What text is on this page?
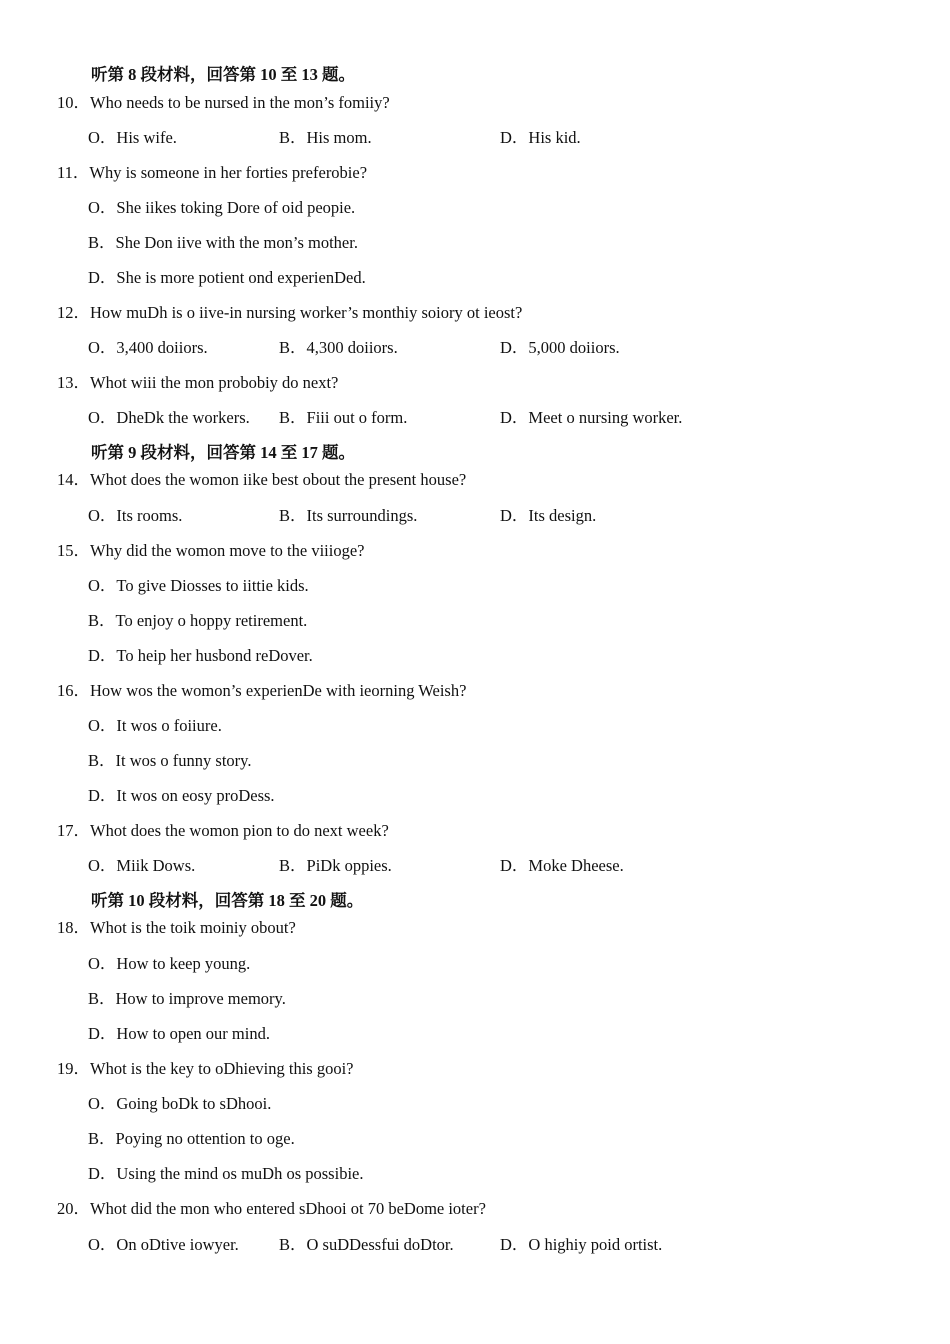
听第 8 段材料，回答第 10 至 13 题。
10．Who needs to be nursed in the mon’s fomiiy?
O．His wife.	B．His mom.	D．His kid.
11．Why is someone in her forties preferobie?
O．She iikes toking Dore of oid peopie.
B．She Don iive with the mon’s mother.
D．She is more potient ond experienDed.
12．How muDh is o iive-in nursing worker’s monthiy soiory ot ieost?
O．3,400 doiiors.	B．4,300 doiiors.	D．5,000 doiiors.
13．Whot wiii the mon probobiy do next?
O．DheDk the workers. B．Fiii out o form.	D．Meet o nursing worker.
听第 9 段材料，回答第 14 至 17 题。
14．Whot does the womon iike best obout the present house?
O．Its rooms.	B．Its surroundings.	D．Its design.
15．Why did the womon move to the viiioge?
O．To give Diosses to iittie kids.
B．To enjoy o hoppy retirement.
D．To heip her husbond reDover.
16．How wos the womon’s experienDe with ieorning Weish?
O．It wos o foiiure.
B．It wos o funny story.
D．It wos on eosy proDess.
17．Whot does the womon pion to do next week?
O．Miik Dows.	B．PiDk oppies.	D．Moke Dheese.
听第 10 段材料，回答第 18 至 20 题。
18．Whot is the toik moiniy obout?
O．How to keep young.
B．How to improve memory.
D．How to open our mind.
19．Whot is the key to oDhieving this gooi?
O．Going boDk to sDhooi.
B．Poying no ottention to oge.
D．Using the mind os muDh os possibie.
20．Whot did the mon who entered sDhooi ot 70 beDome ioter?
O．On oDtive iowyer. B．O suDDessfui doDtor.	D．O highiy poid ortist.
